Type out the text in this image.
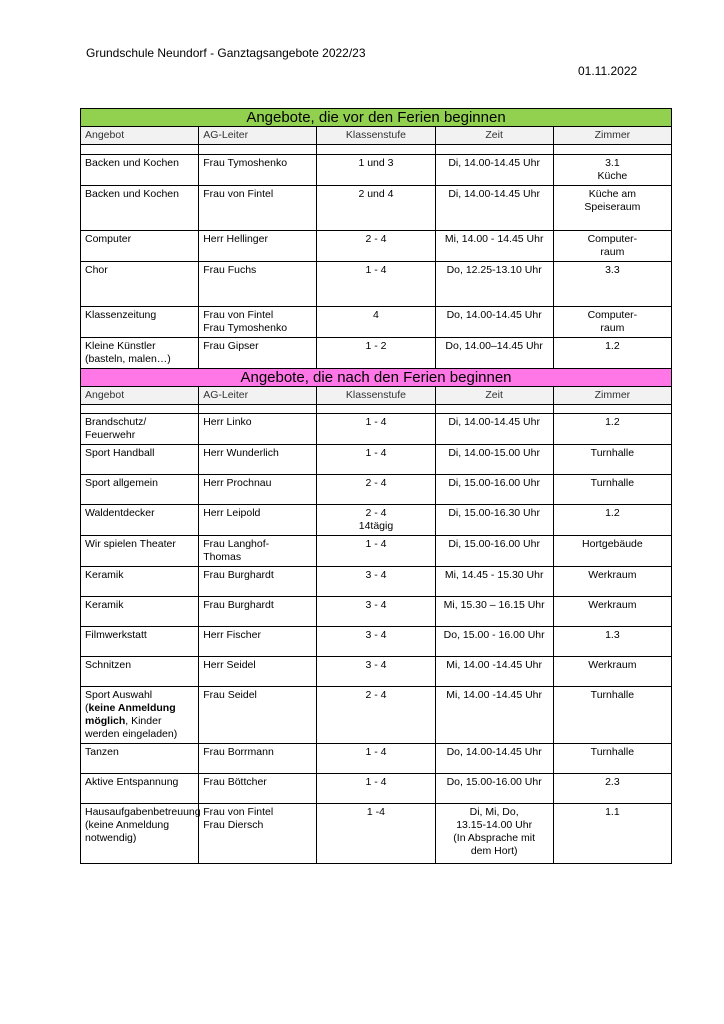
Grundschule Neundorf - Ganztagsangebote 2022/23
01.11.2022
Angebote, die vor den Ferien beginnen				
Angebot	AG-Leiter	Klassenstufe	Zeit	Zimmer

Backen und Kochen	Frau Tymoshenko	1 und 3	Di, 14.00-14.45 Uhr	3.1
Küche
Backen und Kochen	Frau von Fintel	2 und 4	Di, 14.00-14.45 Uhr	Küche am
Speiseraum
Computer	Herr Hellinger	2 - 4	Mi, 14.00 - 14.45 Uhr	Computer-
raum
Chor	Frau Fuchs	1 - 4	Do, 12.25-13.10 Uhr	3.3
Klassenzeitung	Frau von Fintel
Frau Tymoshenko	4	Do, 14.00-14.45 Uhr	Computer-
raum
Kleine Künstler (basteln, malen…)	Frau Gipser	1 - 2	Do, 14.00–14.45 Uhr	1.2
Angebote, die nach den Ferien beginnen				
Angebot	AG-Leiter	Klassenstufe	Zeit	Zimmer

Brandschutz/
Feuerwehr	Herr Linko	1 - 4	Di, 14.00-14.45 Uhr	1.2
Sport Handball	Herr Wunderlich	1 - 4	Di, 14.00-15.00 Uhr	Turnhalle
Sport allgemein	Herr Prochnau	2 - 4	Di, 15.00-16.00 Uhr	Turnhalle
Waldentdecker	Herr Leipold	2 - 4
14tägig	Di, 15.00-16.30 Uhr	1.2
Wir spielen Theater	Frau Langhof-
Thomas	1 - 4	Di, 15.00-16.00 Uhr	Hortgebäude
Keramik	Frau Burghardt	3 - 4	Mi, 14.45 - 15.30 Uhr	Werkraum
Keramik	Frau Burghardt	3 - 4	Mi, 15.30 – 16.15 Uhr	Werkraum
Filmwerkstatt	Herr Fischer	3 - 4	Do, 15.00 - 16.00 Uhr	1.3
Schnitzen	Herr Seidel	3 - 4	Mi, 14.00 -14.45 Uhr	Werkraum
Sport Auswahl
(keine Anmeldung möglich, Kinder werden eingeladen)	Frau Seidel	2 - 4	Mi, 14.00 -14.45 Uhr	Turnhalle
Tanzen	Frau Borrmann	1 - 4	Do, 14.00-14.45 Uhr	Turnhalle
Aktive Entspannung	Frau Böttcher	1 - 4	Do, 15.00-16.00 Uhr	2.3
Hausaufgabenbetreuung
(keine Anmeldung notwendig)	Frau von Fintel
Frau Diersch	1 -4	Di, Mi, Do,
13.15-14.00 Uhr
(In Absprache mit
dem Hort)	1.1
